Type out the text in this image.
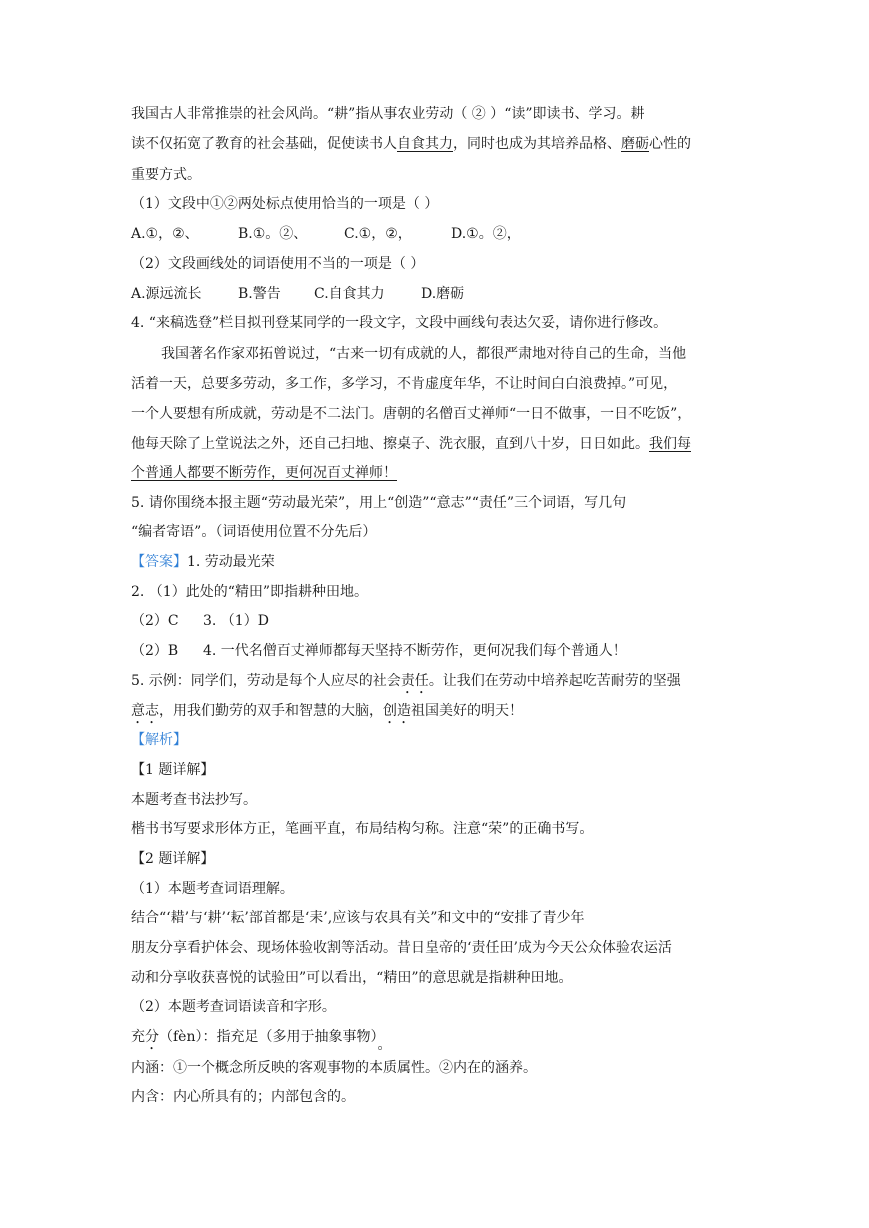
我国古人非常推崇的社会风尚。“耕”指从事农业劳动（ ② ）“读”即读书、学习。耕
读不仅拓宽了教育的社会基础，促使读书人自食其力，同时也成为其培养品格、磨砺心性的
重要方式。
（1）文段中①②两处标点使用恰当的一项是（ ）
A.①，②、	B.①。②、	C.①，②，	D.①。②，
（2）文段画线处的词语使用不当的一项是（ ）
A.源远流长	B.警告 C.自食其力	D.磨砺
4. “来稿选登”栏目拟刊登某同学的一段文字，文段中画线句表达欠妥，请你进行修改。
我国著名作家邓拓曾说过，“古来一切有成就的人，都很严肃地对待自己的生命，当他
活着一天，总要多劳动，多工作，多学习，不肯虚度年华，不让时间白白浪费掉。”可见，
一个人要想有所成就，劳动是不二法门。唐朝的名僧百丈禅师“一日不做事，一日不吃饭”，
他每天除了上堂说法之外，还自己扫地、擦桌子、洗衣服，直到八十岁，日日如此。我们每
个普通人都要不断劳作，更何况百丈禅师！
5. 请你围绕本报主题“劳动最光荣”，用上“创造”“意志”“责任”三个词语，写几句
“编者寄语”。（词语使用位置不分先后）
【答案】1. 劳动最光荣
2. （1）此处的“精田”即指耕种田地。
（2）C 3. （1）D
（2）B 4. 一代名僧百丈禅师都每天坚持不断劳作，更何况我们每个普通人！
5. 示例：同学们，劳动是每个人应尽的社会责任。让我们在劳动中培养起吃苦耐劳的坚强
意志，用我们勤劳的双手和智慧的大脑，创造祖国美好的明天！
【解析】
【1 题详解】
本题考查书法抄写。
楷书书写要求形体方正，笔画平直，布局结构匀称。注意“荣”的正确书写。
【2 题详解】
（1）本题考查词语理解。
结合“‘耤’与‘耕’‘耘’部首都是‘耒’,应该与农具有关”和文中的“安排了青少年
朋友分享看护体会、现场体验收割等活动。昔日皇帝的‘责任田’成为今天公众体验农运活
动和分享收获喜悦的试验田”可以看出，“精田”的意思就是指耕种田地。
（2）本题考查词语读音和字形。
充分（fèn）：指充足（多用于抽象事物）。
内涵：①一个概念所反映的客观事物的本质属性。②内在的涵养。
内含：内心所具有的；内部包含的。
